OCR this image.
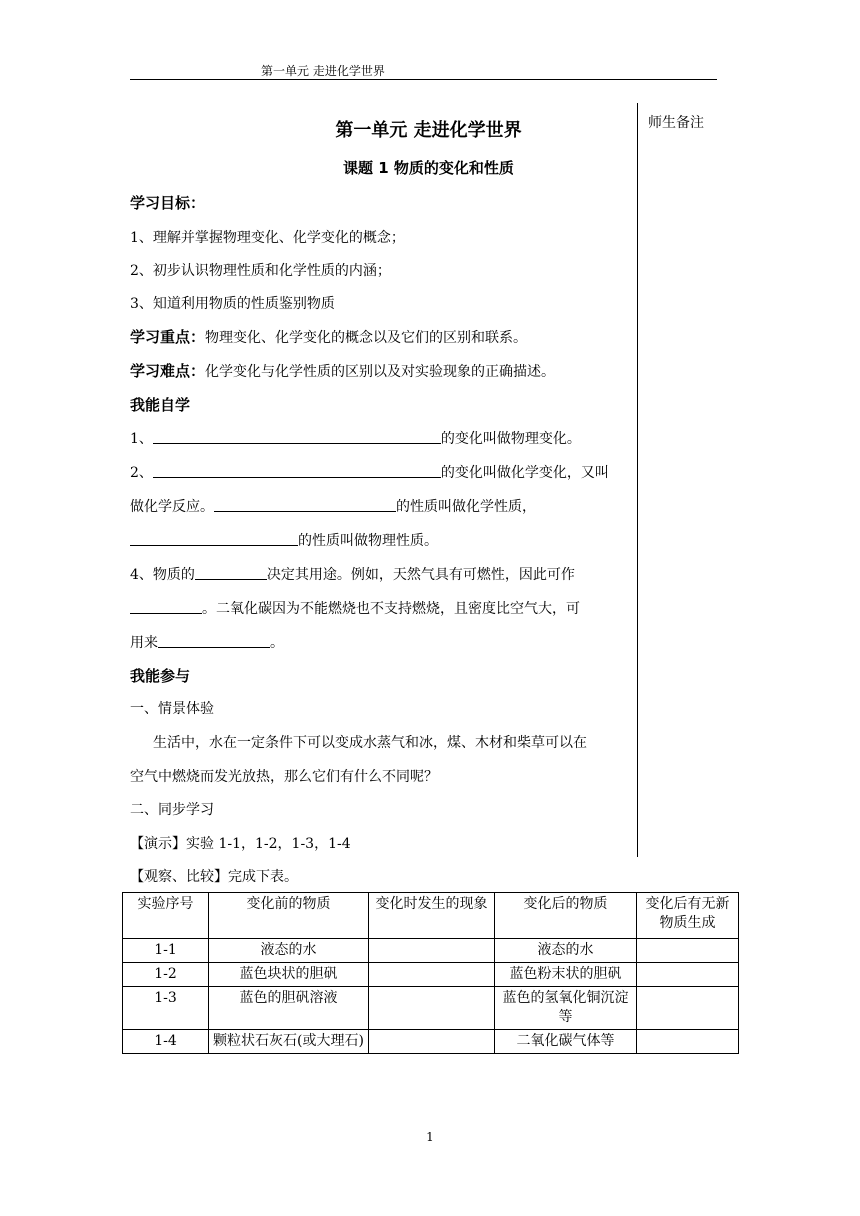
第一单元 走进化学世界
师生备注
第一单元 走进化学世界
课题 1 物质的变化和性质
学习目标：
1、理解并掌握物理变化、化学变化的概念；
2、初步认识物理性质和化学性质的内涵；
3、知道利用物质的性质鉴别物质
学习重点：物理变化、化学变化的概念以及它们的区别和联系。
学习难点：化学变化与化学性质的区别以及对实验现象的正确描述。
我能自学
1、	的变化叫做物理变化。
2、	的变化叫做化学变化，又叫
做化学反应。	的性质叫做化学性质，
的性质叫做物理性质。
4、物质的	决定其用途。例如，天然气具有可燃性，因此可作
。二氧化碳因为不能燃烧也不支持燃烧，且密度比空气大，可
用来	。
我能参与
一、情景体验
生活中，水在一定条件下可以变成水蒸气和冰，煤、木材和柴草可以在
空气中燃烧而发光放热，那么它们有什么不同呢？
二、同步学习
【演示】实验 1-1，1-2，1-3，1-4
【观察、比较】完成下表。
实验序号	变化前的物质	变化时发生的现象	变化后的物质	变化后有无新物质生成
1-1	液态的水		液态的水	
1-2	蓝色块状的胆矾		蓝色粉末状的胆矾	
1-3	蓝色的胆矾溶液		蓝色的氢氧化铜沉淀等	
1-4	颗粒状石灰石(或大理石)		二氧化碳气体等	
1
